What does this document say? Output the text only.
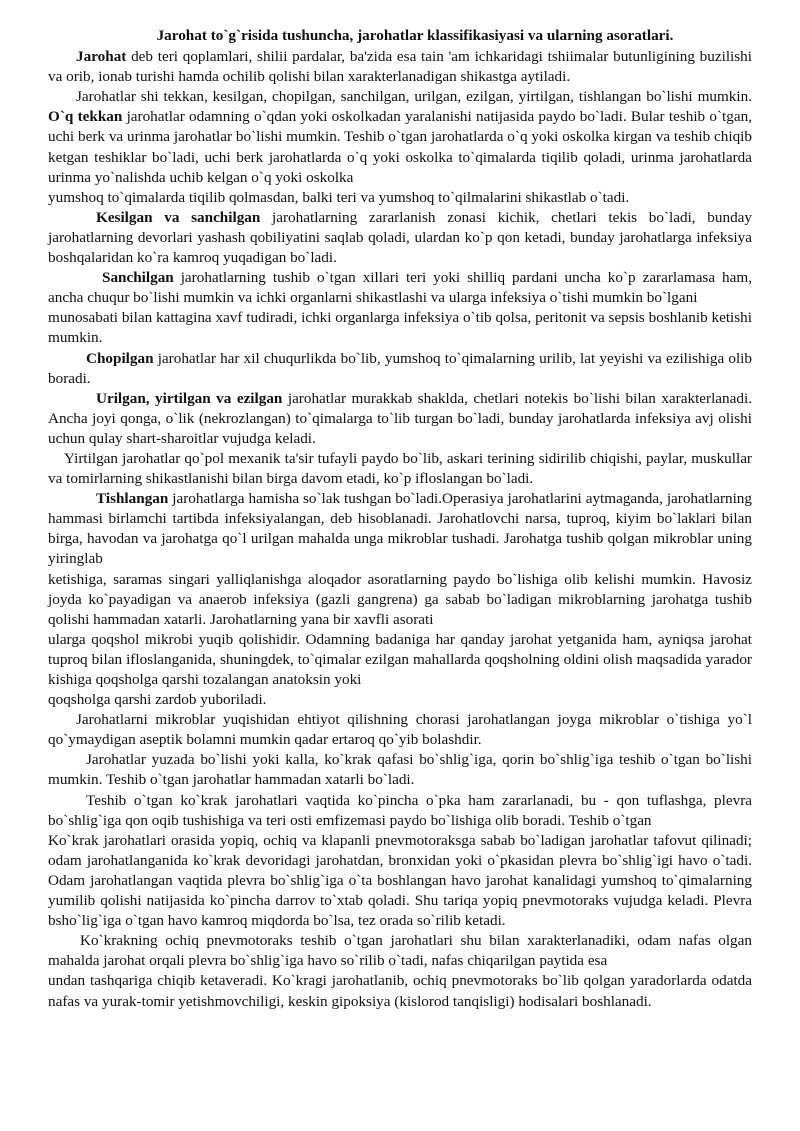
Jarohat to`g`risida tushuncha, jarohatlar klassifikasiyasi va ularning asoratlari.

Jarohat deb teri qoplamlari, shilii pardalar, ba'zida esa tain 'am ichkaridagi tshiimalar butunligining buzilishi va orib, ionab turishi hamda ochilib qolishi bilan xarakterlanadigan shikastga aytiladi.

Jarohatlar shi tekkan, kesilgan, chopilgan, sanchilgan, urilgan, ezilgan, yirtilgan, tishlangan bo`lishi mumkin. O`q tekkan jarohatlar odamning o`qdan yoki oskolkadan yaralanishi natijasida paydo bo`ladi. Bular teshib o`tgan, uchi berk va urinma jarohatlar bo`lishi mumkin. Teshib o`tgan jarohatlarda o`q yoki oskolka kirgan va teshib chiqib ketgan teshiklar bo`ladi, uchi berk jarohatlarda o`q yoki oskolka to`qimalarda tiqilib qoladi, urinma jarohatlarda urinma yo`nalishda uchib kelgan o`q yoki oskolka

yumshoq to`qimalarda tiqilib qolmasdan, balki teri va yumshoq to`qilmalarini shikastlab o`tadi.

Kesilgan va sanchilgan jarohatlarning zararlanish zonasi kichik, chetlari tekis bo`ladi, bunday jarohatlarning devorlari yashash qobiliyatini saqlab qoladi, ulardan ko`p qon ketadi, bunday jarohatlarga infeksiya boshqalaridan ko`ra kamroq yuqadigan bo`ladi.

Sanchilgan jarohatlarning tushib o`tgan xillari teri yoki shilliq pardani uncha ko`p zararlamasa ham, ancha chuqur bo`lishi mumkin va ichki organlarni shikastlashi va ularga infeksiya o`tishi mumkin bo`lgani

munosabati bilan kattagina xavf tudiradi, ichki organlarga infeksiya o`tib qolsa, peritonit va sepsis boshlanib ketishi mumkin.

Chopilgan jarohatlar har xil chuqurlikda bo`lib, yumshoq to`qimalarning urilib, lat yeyishi va ezilishiga olib boradi.

Urilgan, yirtilgan va ezilgan jarohatlar murakkab shaklda, chetlari notekis bo`lishi bilan xarakterlanadi. Ancha joyi qonga, o`lik (nekrozlangan) to`qimalarga to`lib turgan bo`ladi, bunday jarohatlarda infeksiya avj olishi uchun qulay shart-sharoitlar vujudga keladi.

Yirtilgan jarohatlar qo`pol mexanik ta'sir tufayli paydo bo`lib, askari terining sidirilib chiqishi, paylar, muskullar va tomirlarning shikastlanishi bilan birga davom etadi, ko`p ifloslangan bo`ladi.

Tishlangan jarohatlarga hamisha so`lak tushgan bo`ladi.Operasiya jarohatlarini aytmaganda, jarohatlarning hammasi birlamchi tartibda infeksiyalangan, deb hisoblanadi. Jarohatlovchi narsa, tuproq, kiyim bo`laklari bilan birga, havodan va jarohatga qo`l urilgan mahalda unga mikroblar tushadi. Jarohatga tushib qolgan mikroblar uning yiringlab

ketishiga, saramas singari yalliqlanishga aloqador asoratlarning paydo bo`lishiga olib kelishi mumkin. Havosiz joyda ko`payadigan va anaerob infeksiya (gazli gangrena) ga sabab bo`ladigan mikroblarning jarohatga tushib qolishi hammadan xatarli. Jarohatlarning yana bir xavfli asorati

ularga qoqshol mikrobi yuqib qolishidir. Odamning badaniga har qanday jarohat yetganida ham, ayniqsa jarohat tuproq bilan ifloslanganida, shuningdek, to`qimalar ezilgan mahallarda qoqsholning oldini olish maqsadida yarador kishiga qoqsholga qarshi tozalangan anatoksin yoki

qoqsholga qarshi zardob yuboriladi.

Jarohatlarni mikroblar yuqishidan ehtiyot qilishning chorasi jarohatlangan joyga mikroblar o`tishiga yo`l qo`ymaydigan aseptik bolamni mumkin qadar ertaroq qo`yib bolashdir.

Jarohatlar yuzada bo`lishi yoki kalla, ko`krak qafasi bo`shlig`iga, qorin bo`shlig`iga teshib o`tgan bo`lishi mumkin. Teshib o`tgan jarohatlar hammadan xatarli bo`ladi.

Teshib o`tgan ko`krak jarohatlari vaqtida ko`pincha o`pka ham zararlanadi, bu - qon tuflashga, plevra bo`shlig`iga qon oqib tushishiga va teri osti emfizemasi paydo bo`lishiga olib boradi. Teshib o`tgan

Ko`krak jarohatlari orasida yopiq, ochiq va klapanli pnevmotoraksga sabab bo`ladigan jarohatlar tafovut qilinadi; odam jarohatlanganida ko`krak devoridagi jarohatdan, bronxidan yoki o`pkasidan plevra bo`shlig`igi havo o`tadi. Odam jarohatlangan vaqtida plevra bo`shlig`iga o`ta boshlangan havo jarohat kanalidagi yumshoq to`qimalarning yumilib qolishi natijasida ko`pincha darrov to`xtab qoladi. Shu tariqa yopiq pnevmotoraks vujudga keladi. Plevra bsho`lig`iga o`tgan havo kamroq miqdorda bo`lsa, tez orada so`rilib ketadi.

Ko`krakning ochiq pnevmotoraks teshib o`tgan jarohatlari shu bilan xarakterlanadiki, odam nafas olgan mahalda jarohat orqali plevra bo`shlig`iga havo so`rilib o`tadi, nafas chiqarilgan paytida esa

undan tashqariga chiqib ketaveradi. Ko`kragi jarohatlanib, ochiq pnevmotoraks bo`lib qolgan yaradorlarda odatda nafas va yurak-tomir yetishmovchiligi, keskin gipoksiya (kislorod tanqisligi) hodisalari boshlanadi.
